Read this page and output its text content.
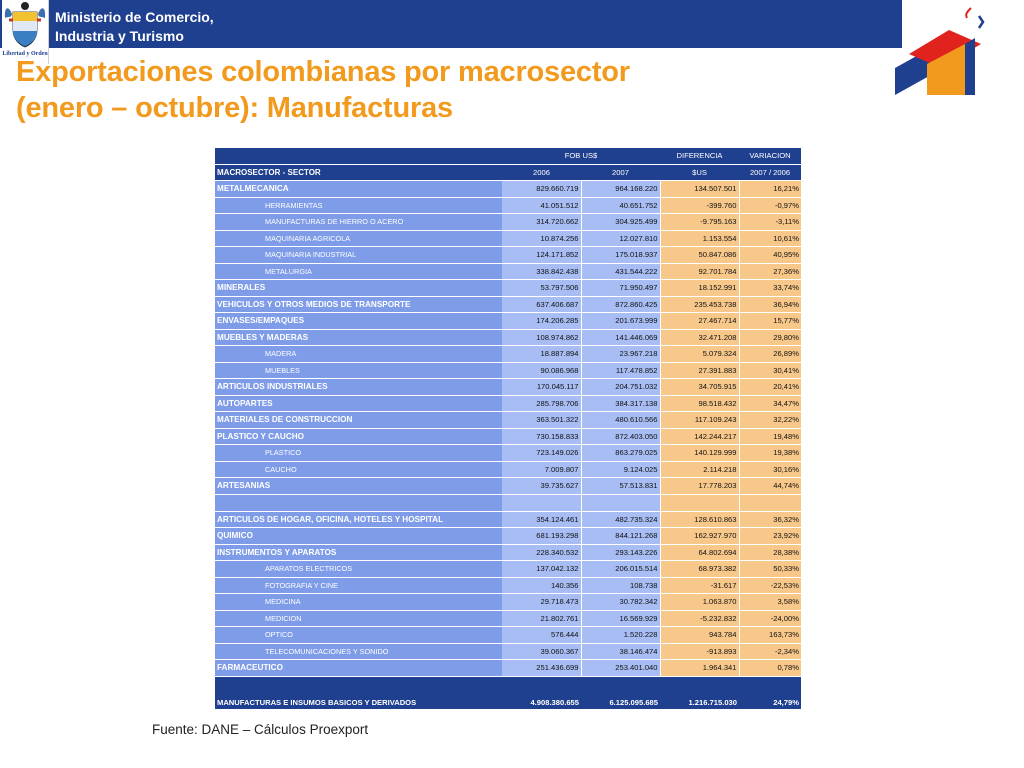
Libertad y Orden
Ministerio de Comercio,
Industria y Turismo
Exportaciones colombianas por macrosector
(enero – octubre): Manufacturas
	FOB US$		DIFERENCIA	VARIACION
MACROSECTOR - SECTOR	2006	2007	$US	2007 / 2006
METALMECANICA	829.660.719	964.168.220	134.507.501	16,21%
HERRAMIENTAS	41.051.512	40.651.752	-399.760	-0,97%
MANUFACTURAS DE HIERRO O ACERO	314.720.662	304.925.499	-9.795.163	-3,11%
MAQUINARIA AGRICOLA	10.874.256	12.027.810	1.153.554	10,61%
MAQUINARIA INDUSTRIAL	124.171.852	175.018.937	50.847.086	40,95%
METALURGIA	338.842.438	431.544.222	92.701.784	27,36%
MINERALES	53.797.506	71.950.497	18.152.991	33,74%
VEHICULOS Y OTROS MEDIOS DE TRANSPORTE	637.406.687	872.860.425	235.453.738	36,94%
ENVASES/EMPAQUES	174.206.285	201.673.999	27.467.714	15,77%
MUEBLES Y MADERAS	108.974.862	141.446.069	32.471.208	29,80%
MADERA	18.887.894	23.967.218	5.079.324	26,89%
MUEBLES	90.086.968	117.478.852	27.391.883	30,41%
ARTICULOS INDUSTRIALES	170.045.117	204.751.032	34.705.915	20,41%
AUTOPARTES	285.798.706	384.317.138	98.518.432	34,47%
MATERIALES DE CONSTRUCCION	363.501.322	480.610.566	117.109.243	32,22%
PLASTICO Y CAUCHO	730.158.833	872.403.050	142.244.217	19,48%
PLASTICO	723.149.026	863.279.025	140.129.999	19,38%
CAUCHO	7.009.807	9.124.025	2.114.218	30,16%
ARTESANIAS	39.735.627	57.513.831	17.778.203	44,74%

ARTICULOS DE HOGAR, OFICINA, HOTELES Y HOSPITAL	354.124.461	482.735.324	128.610.863	36,32%
QUIMICO	681.193.298	844.121.268	162.927.970	23,92%
INSTRUMENTOS Y APARATOS	228.340.532	293.143.226	64.802.694	28,38%
APARATOS ELECTRICOS	137.042.132	206.015.514	68.973.382	50,33%
FOTOGRAFIA Y CINE	140.356	108.738	-31.617	-22,53%
MEDICINA	29.718.473	30.782.342	1.063.870	3,58%
MEDICION	21.802.761	16.569.929	-5.232.832	-24,00%
OPTICO	576.444	1.520.228	943.784	163,73%
TELECOMUNICACIONES Y SONIDO	39.060.367	38.146.474	-913.893	-2,34%
FARMACEUTICO	251.436.699	253.401.040	1.964.341	0,78%
MANUFACTURAS E INSUMOS BASICOS Y DERIVADOS	4.908.380.655	6.125.095.685	1.216.715.030	24,79%
Fuente: DANE – Cálculos Proexport
